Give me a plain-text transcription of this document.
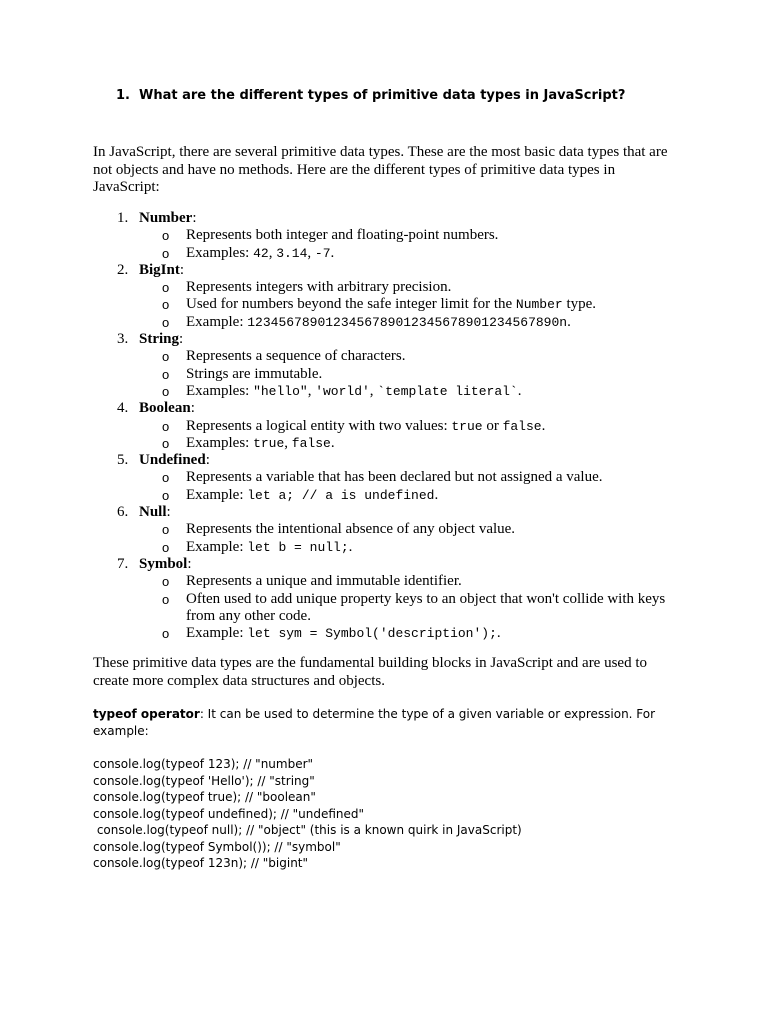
1. What are the different types of primitive data types in JavaScript?
In JavaScript, there are several primitive data types. These are the most basic data types that are not objects and have no methods. Here are the different types of primitive data types in JavaScript:
1. Number:
o Represents both integer and floating-point numbers.
o Examples: 42, 3.14, -7.
2. BigInt:
o Represents integers with arbitrary precision.
o Used for numbers beyond the safe integer limit for the Number type.
o Example: 1234567890123456789012345678901234567890n.
3. String:
o Represents a sequence of characters.
o Strings are immutable.
o Examples: "hello", 'world', `template literal`.
4. Boolean:
o Represents a logical entity with two values: true or false.
o Examples: true, false.
5. Undefined:
o Represents a variable that has been declared but not assigned a value.
o Example: let a; // a is undefined.
6. Null:
o Represents the intentional absence of any object value.
o Example: let b = null;.
7. Symbol:
o Represents a unique and immutable identifier.
o Often used to add unique property keys to an object that won't collide with keys from any other code.
o Example: let sym = Symbol('description');.
These primitive data types are the fundamental building blocks in JavaScript and are used to create more complex data structures and objects.
typeof operator: It can be used to determine the type of a given variable or expression. For example:
console.log(typeof 123); // "number"
console.log(typeof 'Hello'); // "string"
console.log(typeof true); // "boolean"
console.log(typeof undefined); // "undefined"
console.log(typeof null); // "object" (this is a known quirk in JavaScript)
console.log(typeof Symbol()); // "symbol"
console.log(typeof 123n); // "bigint"
